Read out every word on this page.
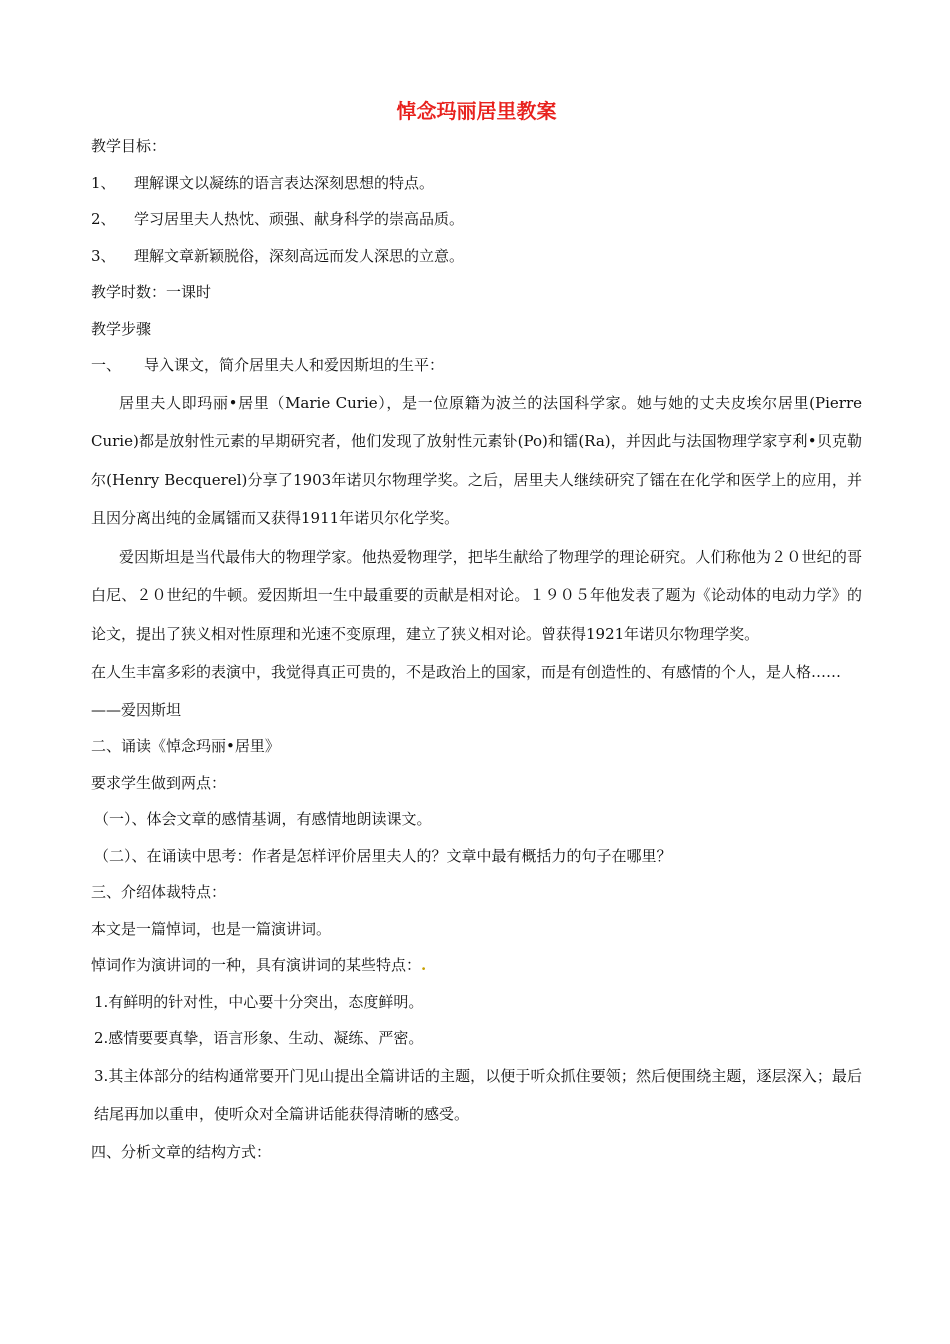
悼念玛丽居里教案

教学目标：

1、 理解课文以凝练的语言表达深刻思想的特点。

2、 学习居里夫人热忱、顽强、献身科学的崇高品质。

3、 理解文章新颖脱俗，深刻高远而发人深思的立意。

教学时数：一课时

教学步骤

一、 导入课文，简介居里夫人和爱因斯坦的生平：

居里夫人即玛丽•居里（Marie Curie），是一位原籍为波兰的法国科学家。她与她的丈夫皮埃尔居里(Pierre Curie)都是放射性元素的早期研究者，他们发现了放射性元素钋(Po)和镭(Ra)，并因此与法国物理学家亨利•贝克勒尔(Henry Becquerel)分享了1903年诺贝尔物理学奖。之后，居里夫人继续研究了镭在在化学和医学上的应用，并且因分离出纯的金属镭而又获得1911年诺贝尔化学奖。

爱因斯坦是当代最伟大的物理学家。他热爱物理学，把毕生献给了物理学的理论研究。人们称他为２０世纪的哥白尼、２０世纪的牛顿。爱因斯坦一生中最重要的贡献是相对论。１９０５年他发表了题为《论动体的电动力学》的论文，提出了狭义相对性原理和光速不变原理，建立了狭义相对论。曾获得1921年诺贝尔物理学奖。

在人生丰富多彩的表演中，我觉得真正可贵的，不是政治上的国家，而是有创造性的、有感情的个人，是人格……

——爱因斯坦

二、诵读《悼念玛丽•居里》

要求学生做到两点：

（一）、体会文章的感情基调，有感情地朗读课文。

（二）、在诵读中思考：作者是怎样评价居里夫人的？文章中最有概括力的句子在哪里？

三、介绍体裁特点：

本文是一篇悼词，也是一篇演讲词。

悼词作为演讲词的一种，具有演讲词的某些特点：.

1.有鲜明的针对性，中心要十分突出，态度鲜明。

2.感情要要真挚，语言形象、生动、凝练、严密。

3.其主体部分的结构通常要开门见山提出全篇讲话的主题，以便于听众抓住要领；然后便围绕主题，逐层深入；最后结尾再加以重申，使听众对全篇讲话能获得清晰的感受。

四、分析文章的结构方式：
